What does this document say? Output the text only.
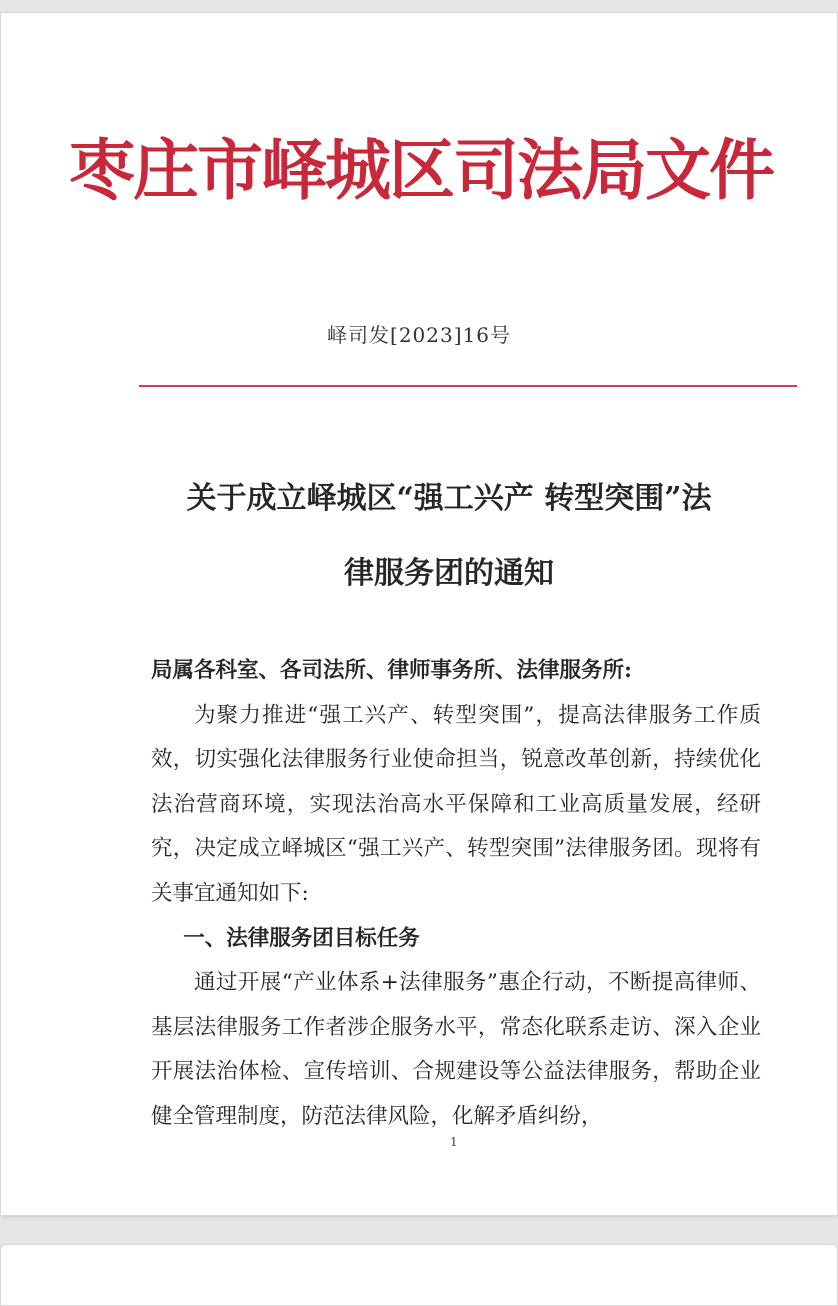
枣庄市峄城区司法局文件
峄司发[2023]16号
关于成立峄城区“强工兴产 转型突围”法
律服务团的通知

局属各科室、各司法所、律师事务所、法律服务所:

为聚力推进“强工兴产、转型突围”，提高法律服务工作质效，切实强化法律服务行业使命担当，锐意改革创新，持续优化法治营商环境，实现法治高水平保障和工业高质量发展，经研究，决定成立峄城区“强工兴产、转型突围”法律服务团。现将有关事宜通知如下:

一、法律服务团目标任务

通过开展“产业体系+法律服务”惠企行动，不断提高律师、基层法律服务工作者涉企服务水平，常态化联系走访、深入企业开展法治体检、宣传培训、合规建设等公益法律服务，帮助企业健全管理制度，防范法律风险，化解矛盾纠纷，

1
